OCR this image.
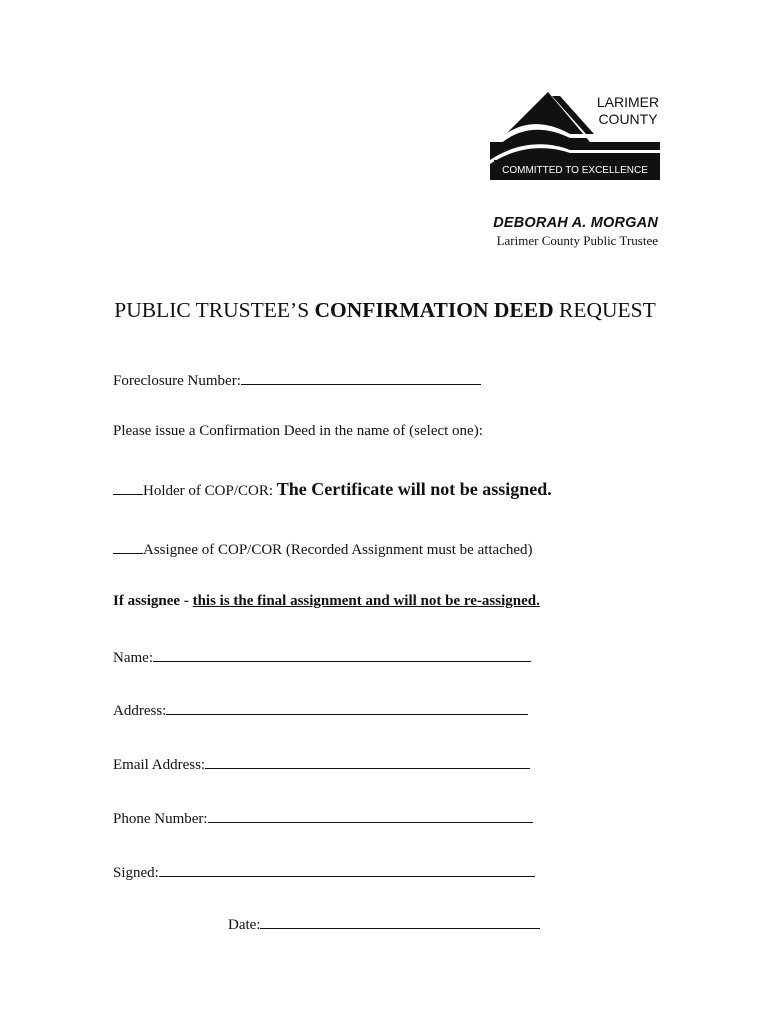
COMMITTED TO EXCELLENCE
LARIMER
COUNTY
DEBORAH A. MORGAN
Larimer County Public Trustee
PUBLIC TRUSTEE’S CONFIRMATION DEED REQUEST
Foreclosure Number:
Please issue a Confirmation Deed in the name of (select one):
Holder of COP/COR: The Certificate will not be assigned.
Assignee of COP/COR (Recorded Assignment must be attached)
If assignee - this is the final assignment and will not be re-assigned.
Name:
Address:
Email Address:
Phone Number:
Signed:
Date:
